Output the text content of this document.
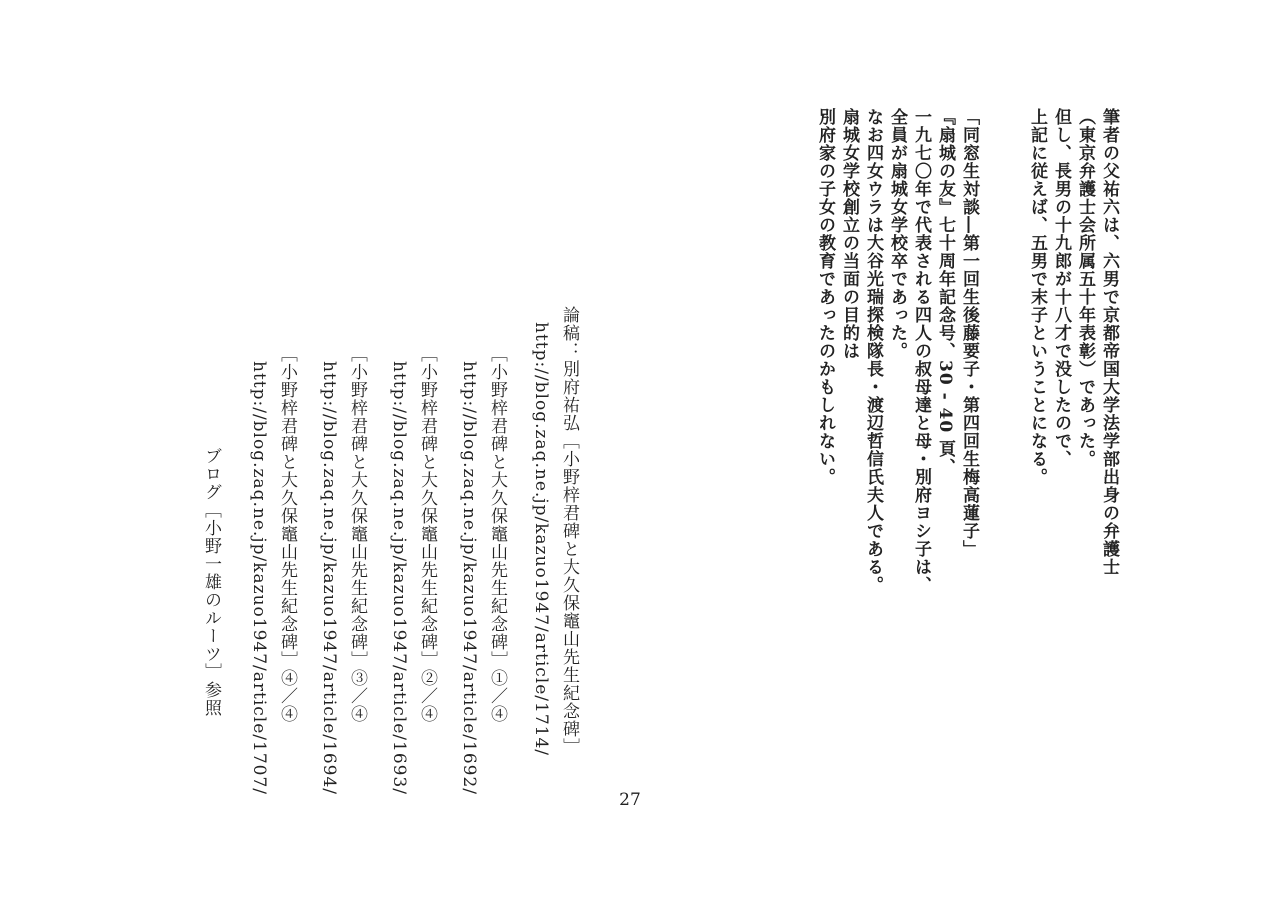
筆者の父祐六は、六男で京都帝国大学法学部出身の弁護士
（東京弁護士会所属五十年表彰）であった。
但し、長男の十九郎が十八才で没したので、
上記に従えば、五男で末子ということになる。
「同窓生対談―第一回生後藤要子・第四回生梅高蓮子」
『扇城の友』七十周年記念号、30 - 40 頁、
一九七〇年で代表される四人の叔母達と母・別府ヨシ子は、
全員が扇城女学校卒であった。
なお四女ウラは大谷光瑞探検隊長・渡辺哲信氏夫人である。
扇城女学校創立の当面の目的は
別府家の子女の教育であったのかもしれない。
論稿：別府祐弘［小野梓君碑と大久保竈山先生紀念碑］
http://blog.zaq.ne.jp/kazuo1947/article/1714/
［小野梓君碑と大久保竈山先生紀念碑］①／④
http://blog.zaq.ne.jp/kazuo1947/article/1692/
［小野梓君碑と大久保竈山先生紀念碑］②／④
http://blog.zaq.ne.jp/kazuo1947/article/1693/
［小野梓君碑と大久保竈山先生紀念碑］③／④
http://blog.zaq.ne.jp/kazuo1947/article/1694/
［小野梓君碑と大久保竈山先生紀念碑］④／④
http://blog.zaq.ne.jp/kazuo1947/article/1707/
ブログ［小野一雄のルーツ］参照
27
